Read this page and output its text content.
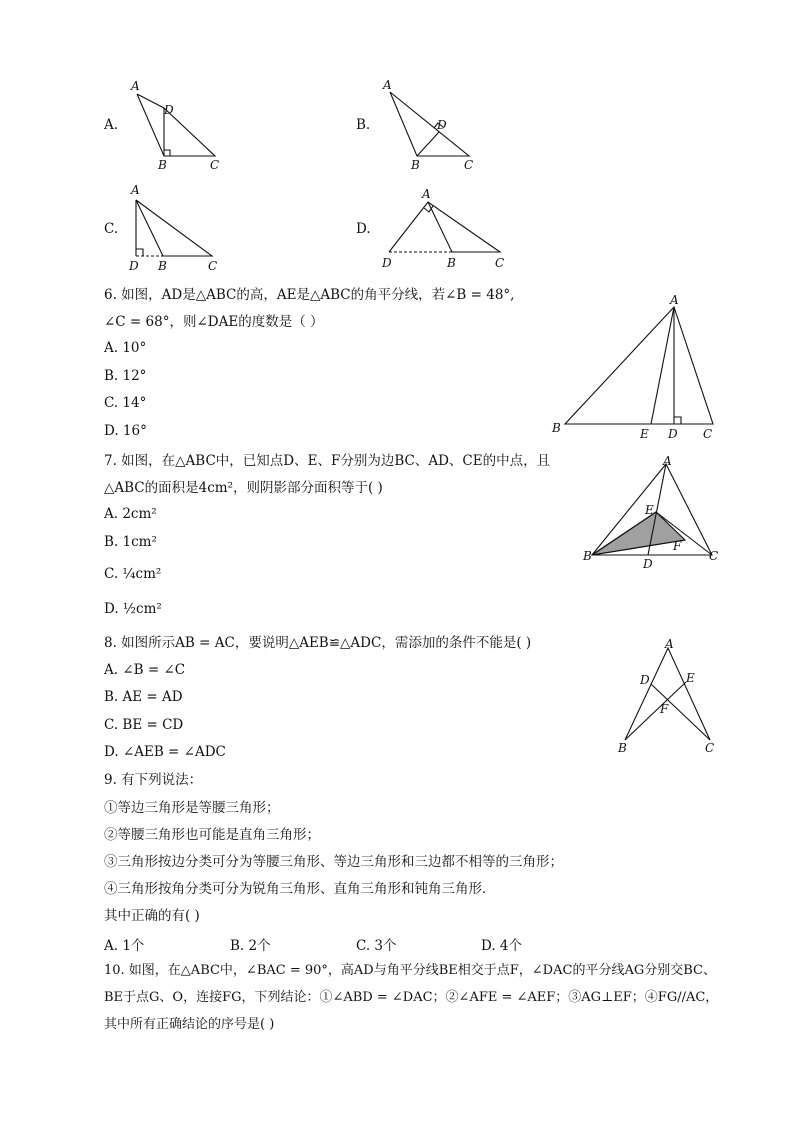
A.
A
D
B	C
B.
A
D
B	C
C.
A
D B	C
D.
A
D	B	C
6. 如图，AD是△ABC的高，AE是△ABC的角平分线，若∠B = 48°,
∠C = 68°，则∠DAE的度数是（ ）
A. 10°
B. 12°
C. 14°
D. 16°
A
B	E D C
7. 如图，在△ABC中，已知点D、E、F分别为边BC、AD、CE的中点，且
△ABC的面积是4cm²，则阴影部分面积等于( )
A. 2cm²
B. 1cm²
C. ¼cm²
D. ½cm²
A
E
F
B
D
C
8. 如图所示AB = AC，要说明△AEB≌△ADC，需添加的条件不能是( )
A. ∠B = ∠C
B. AE = AD
C. BE = CD
D. ∠AEB = ∠ADC
A
D	E
F
B	C
9. 有下列说法：
①等边三角形是等腰三角形；
②等腰三角形也可能是直角三角形；
③三角形按边分类可分为等腰三角形、等边三角形和三边都不相等的三角形；
④三角形按角分类可分为锐角三角形、直角三角形和钝角三角形．
其中正确的有( )
A. 1个	B. 2个	C. 3个	D. 4个
10. 如图，在△ABC中，∠BAC = 90°，高AD与角平分线BE相交于点F，∠DAC的平分线AG分别交BC、
BE于点G、O，连接FG，下列结论：①∠ABD = ∠DAC；②∠AFE = ∠AEF；③AG⊥EF；④FG//AC，
其中所有正确结论的序号是( )
